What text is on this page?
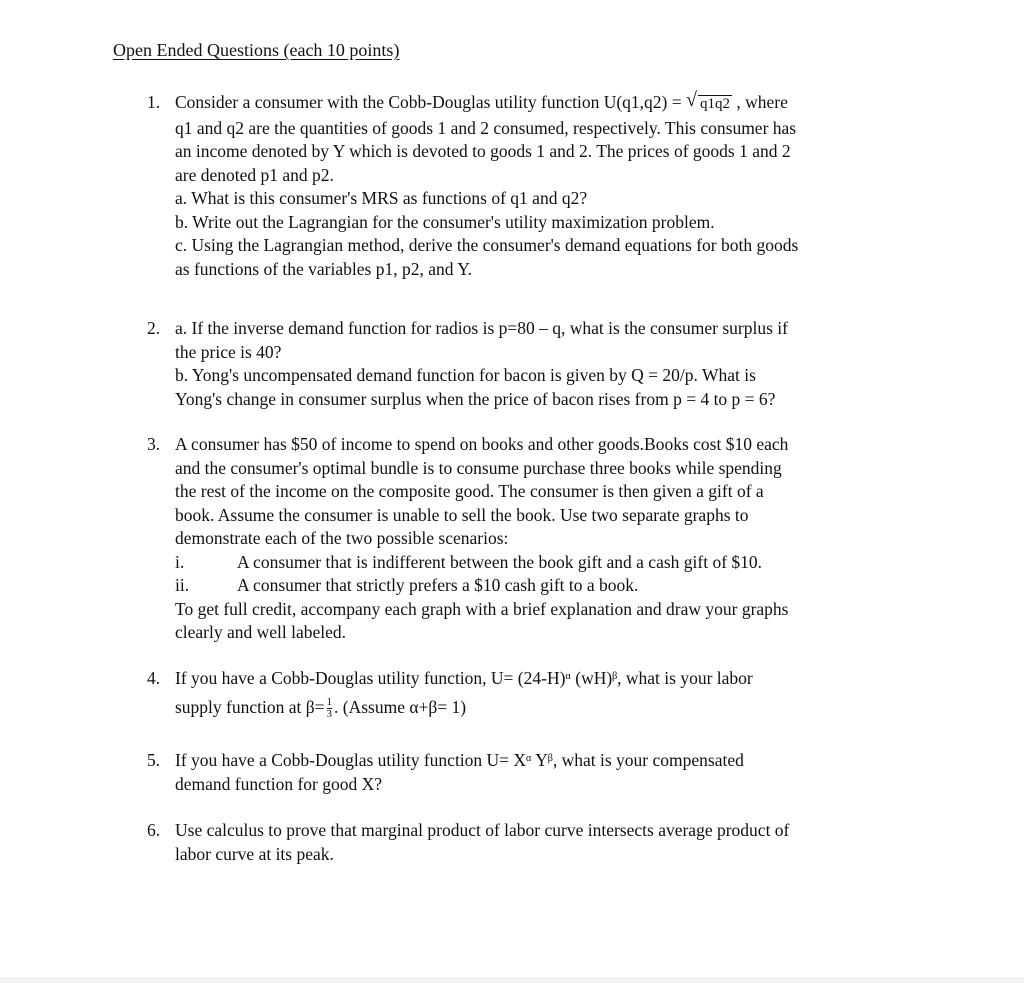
Open Ended Questions (each 10 points)
1. Consider a consumer with the Cobb-Douglas utility function U(q1,q2) = √ q1q2 , where
q1 and q2 are the quantities of goods 1 and 2 consumed, respectively. This consumer has
an income denoted by Y which is devoted to goods 1 and 2. The prices of goods 1 and 2
are denoted p1 and p2.
a. What is this consumer's MRS as functions of q1 and q2?
b. Write out the Lagrangian for the consumer's utility maximization problem.
c. Using the Lagrangian method, derive the consumer's demand equations for both goods
as functions of the variables p1, p2, and Y.
2. a. If the inverse demand function for radios is p=80 – q, what is the consumer surplus if
the price is 40?
b. Yong's uncompensated demand function for bacon is given by Q = 20/p. What is
Yong's change in consumer surplus when the price of bacon rises from p = 4 to p = 6?
3. A consumer has $50 of income to spend on books and other goods.Books cost $10 each
and the consumer's optimal bundle is to consume purchase three books while spending
the rest of the income on the composite good. The consumer is then given a gift of a
book. Assume the consumer is unable to sell the book. Use two separate graphs to
demonstrate each of the two possible scenarios:
i.	A consumer that is indifferent between the book gift and a cash gift of $10.
ii.	A consumer that strictly prefers a $10 cash gift to a book.
To get full credit, accompany each graph with a brief explanation and draw your graphs
clearly and well labeled.
4. If you have a Cobb-Douglas utility function, U= (24-H)ᵅ (wH)ᵝ, what is your labor
supply function at $\beta= \frac{1}{3}$ . (Assume α+β= 1)
5. If you have a Cobb-Douglas utility function U= Xᵅ Yᵝ, what is your compensated
demand function for good X?
6. Use calculus to prove that marginal product of labor curve intersects average product of
labor curve at its peak.
